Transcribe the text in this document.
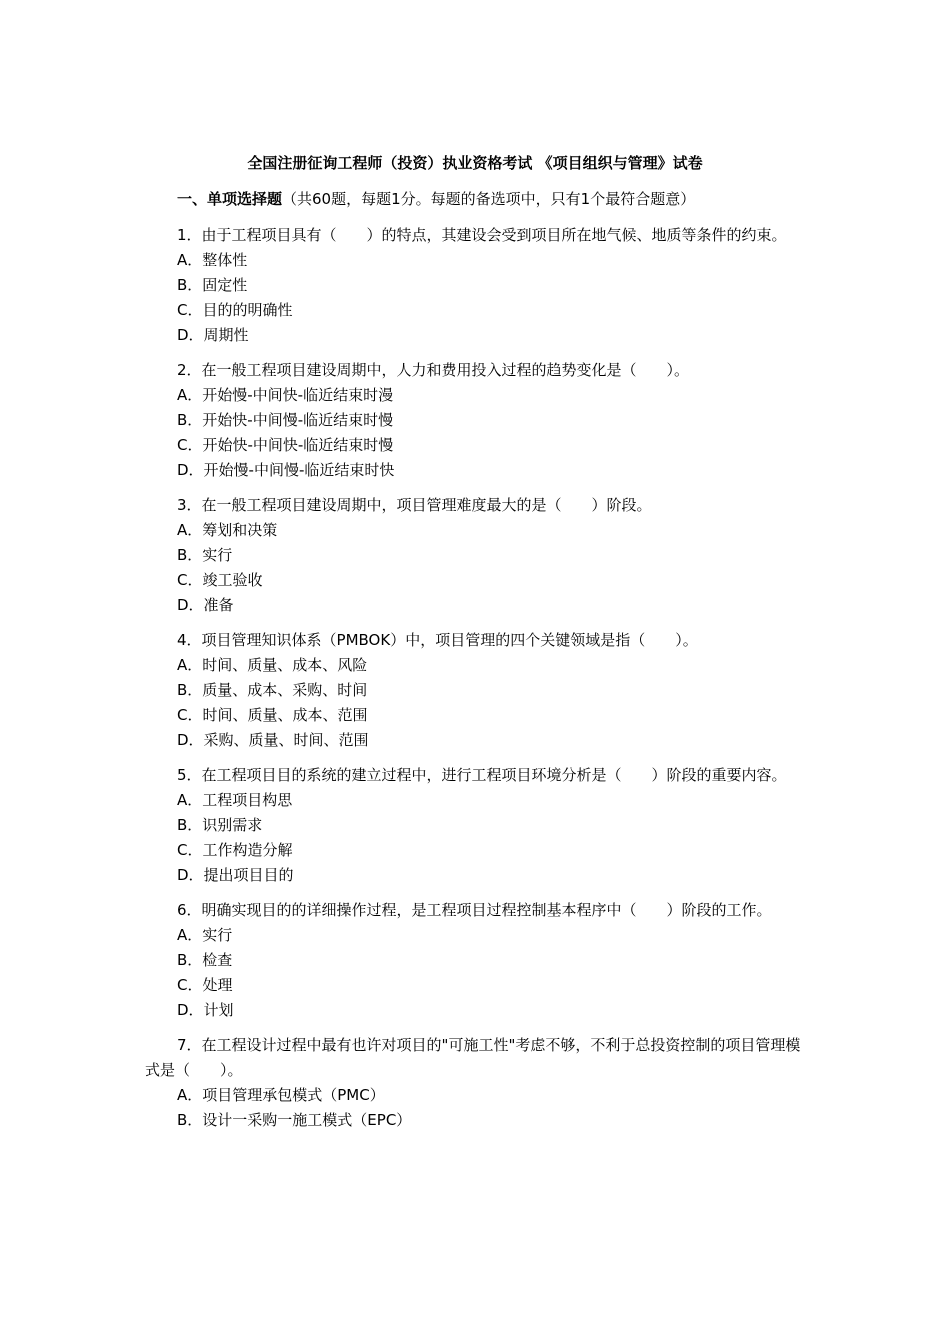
全国注册征询工程师（投资）执业资格考试 《项目组织与管理》试卷
一、单项选择题（共60题，每题1分。每题的备选项中，只有1个最符合题意）
1．由于工程项目具有（　　）的特点，其建设会受到项目所在地气候、地质等条件的约束。
A．整体性
B．固定性
C．目的的明确性
D．周期性
2．在一般工程项目建设周期中，人力和费用投入过程的趋势变化是（　　）。
A．开始慢-中间快-临近结束时漫
B．开始快-中间慢-临近结束时慢
C．开始快-中间快-临近结束时慢
D．开始慢-中间慢-临近结束时快
3．在一般工程项目建设周期中，项目管理难度最大的是（　　）阶段。
A．筹划和决策
B．实行
C．竣工验收
D．准备
4．项目管理知识体系（PMBOK）中，项目管理的四个关键领域是指（　　）。
A．时间、质量、成本、风险
B．质量、成本、采购、时间
C．时间、质量、成本、范围
D．采购、质量、时间、范围
5．在工程项目目的系统的建立过程中，进行工程项目环境分析是（　　）阶段的重要内容。
A．工程项目构思
B．识别需求
C．工作构造分解
D．提出项目目的
6．明确实现目的的详细操作过程，是工程项目过程控制基本程序中（　　）阶段的工作。
A．实行
B．检查
C．处理
D．计划
7．在工程设计过程中最有也许对项目的"可施工性"考虑不够，不利于总投资控制的项目管理模式是（　　）。
A．项目管理承包模式（PMC）
B．设计一采购一施工模式（EPC）
